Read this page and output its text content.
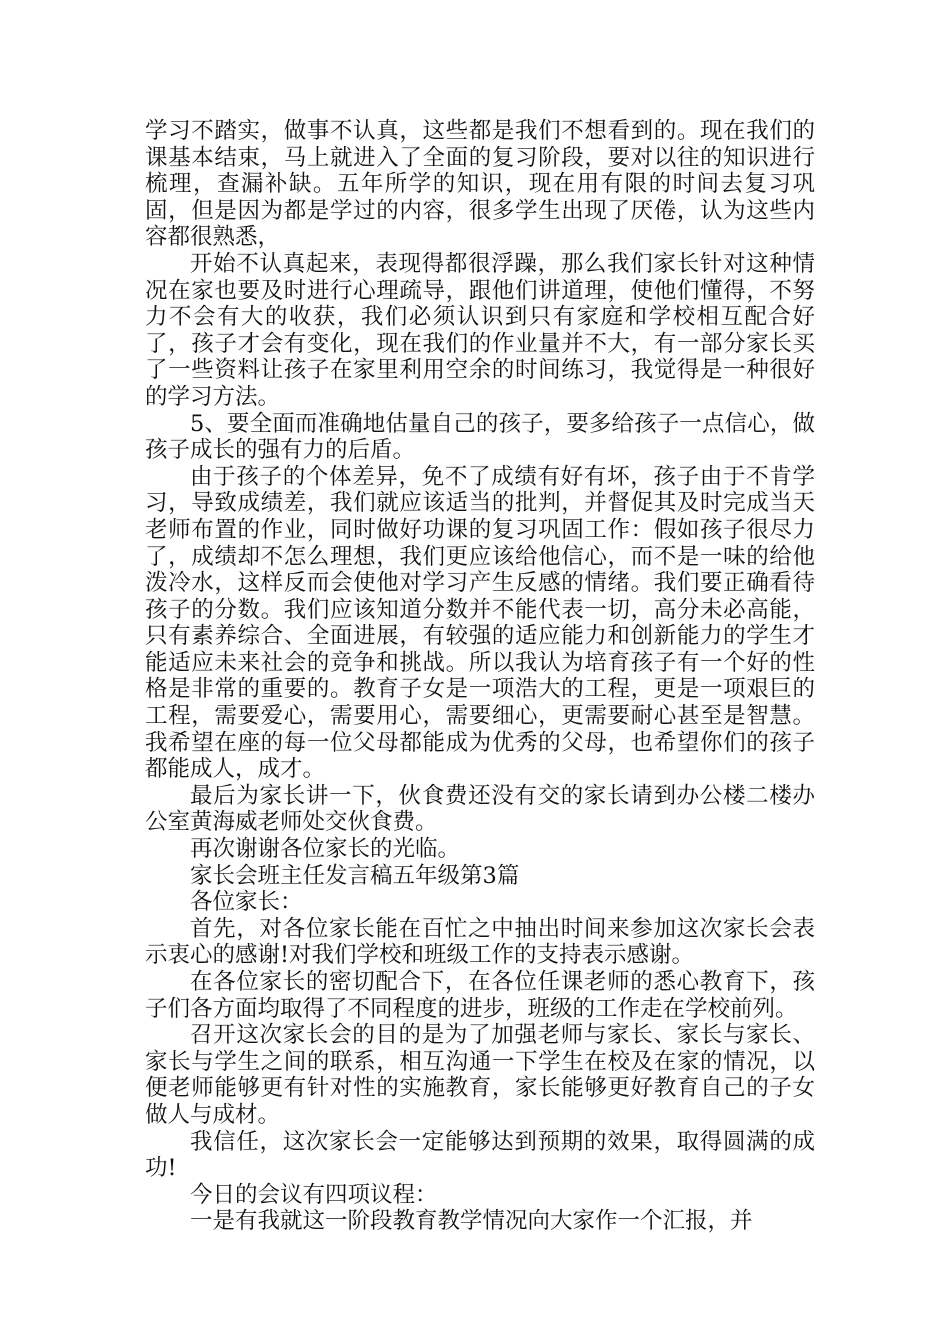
学习不踏实，做事不认真，这些都是我们不想看到的。现在我们的课基本结束，马上就进入了全面的复习阶段，要对以往的知识进行梳理，查漏补缺。五年所学的知识，现在用有限的时间去复习巩固，但是因为都是学过的内容，很多学生出现了厌倦，认为这些内容都很熟悉，

开始不认真起来，表现得都很浮躁，那么我们家长针对这种情况在家也要及时进行心理疏导，跟他们讲道理，使他们懂得，不努力不会有大的收获，我们必须认识到只有家庭和学校相互配合好了，孩子才会有变化，现在我们的作业量并不大，有一部分家长买了一些资料让孩子在家里利用空余的时间练习，我觉得是一种很好的学习方法。

5、要全面而准确地估量自己的孩子，要多给孩子一点信心，做孩子成长的强有力的后盾。

由于孩子的个体差异，免不了成绩有好有坏，孩子由于不肯学习，导致成绩差，我们就应该适当的批判，并督促其及时完成当天老师布置的作业，同时做好功课的复习巩固工作：假如孩子很尽力了，成绩却不怎么理想，我们更应该给他信心，而不是一味的给他泼冷水，这样反而会使他对学习产生反感的情绪。我们要正确看待孩子的分数。我们应该知道分数并不能代表一切，高分未必高能，只有素养综合、全面进展，有较强的适应能力和创新能力的学生才能适应未来社会的竞争和挑战。所以我认为培育孩子有一个好的性格是非常的重要的。教育子女是一项浩大的工程，更是一项艰巨的工程，需要爱心，需要用心，需要细心，更需要耐心甚至是智慧。我希望在座的每一位父母都能成为优秀的父母，也希望你们的孩子都能成人，成才。

最后为家长讲一下，伙食费还没有交的家长请到办公楼二楼办公室黄海威老师处交伙食费。

再次谢谢各位家长的光临。

家长会班主任发言稿五年级第3篇

各位家长：

首先，对各位家长能在百忙之中抽出时间来参加这次家长会表示衷心的感谢!对我们学校和班级工作的支持表示感谢。

在各位家长的密切配合下，在各位任课老师的悉心教育下，孩子们各方面均取得了不同程度的进步，班级的工作走在学校前列。

召开这次家长会的目的是为了加强老师与家长、家长与家长、家长与学生之间的联系，相互沟通一下学生在校及在家的情况，以便老师能够更有针对性的实施教育，家长能够更好教育自己的子女做人与成材。

我信任，这次家长会一定能够达到预期的效果，取得圆满的成功!

今日的会议有四项议程：

一是有我就这一阶段教育教学情况向大家作一个汇报，并
